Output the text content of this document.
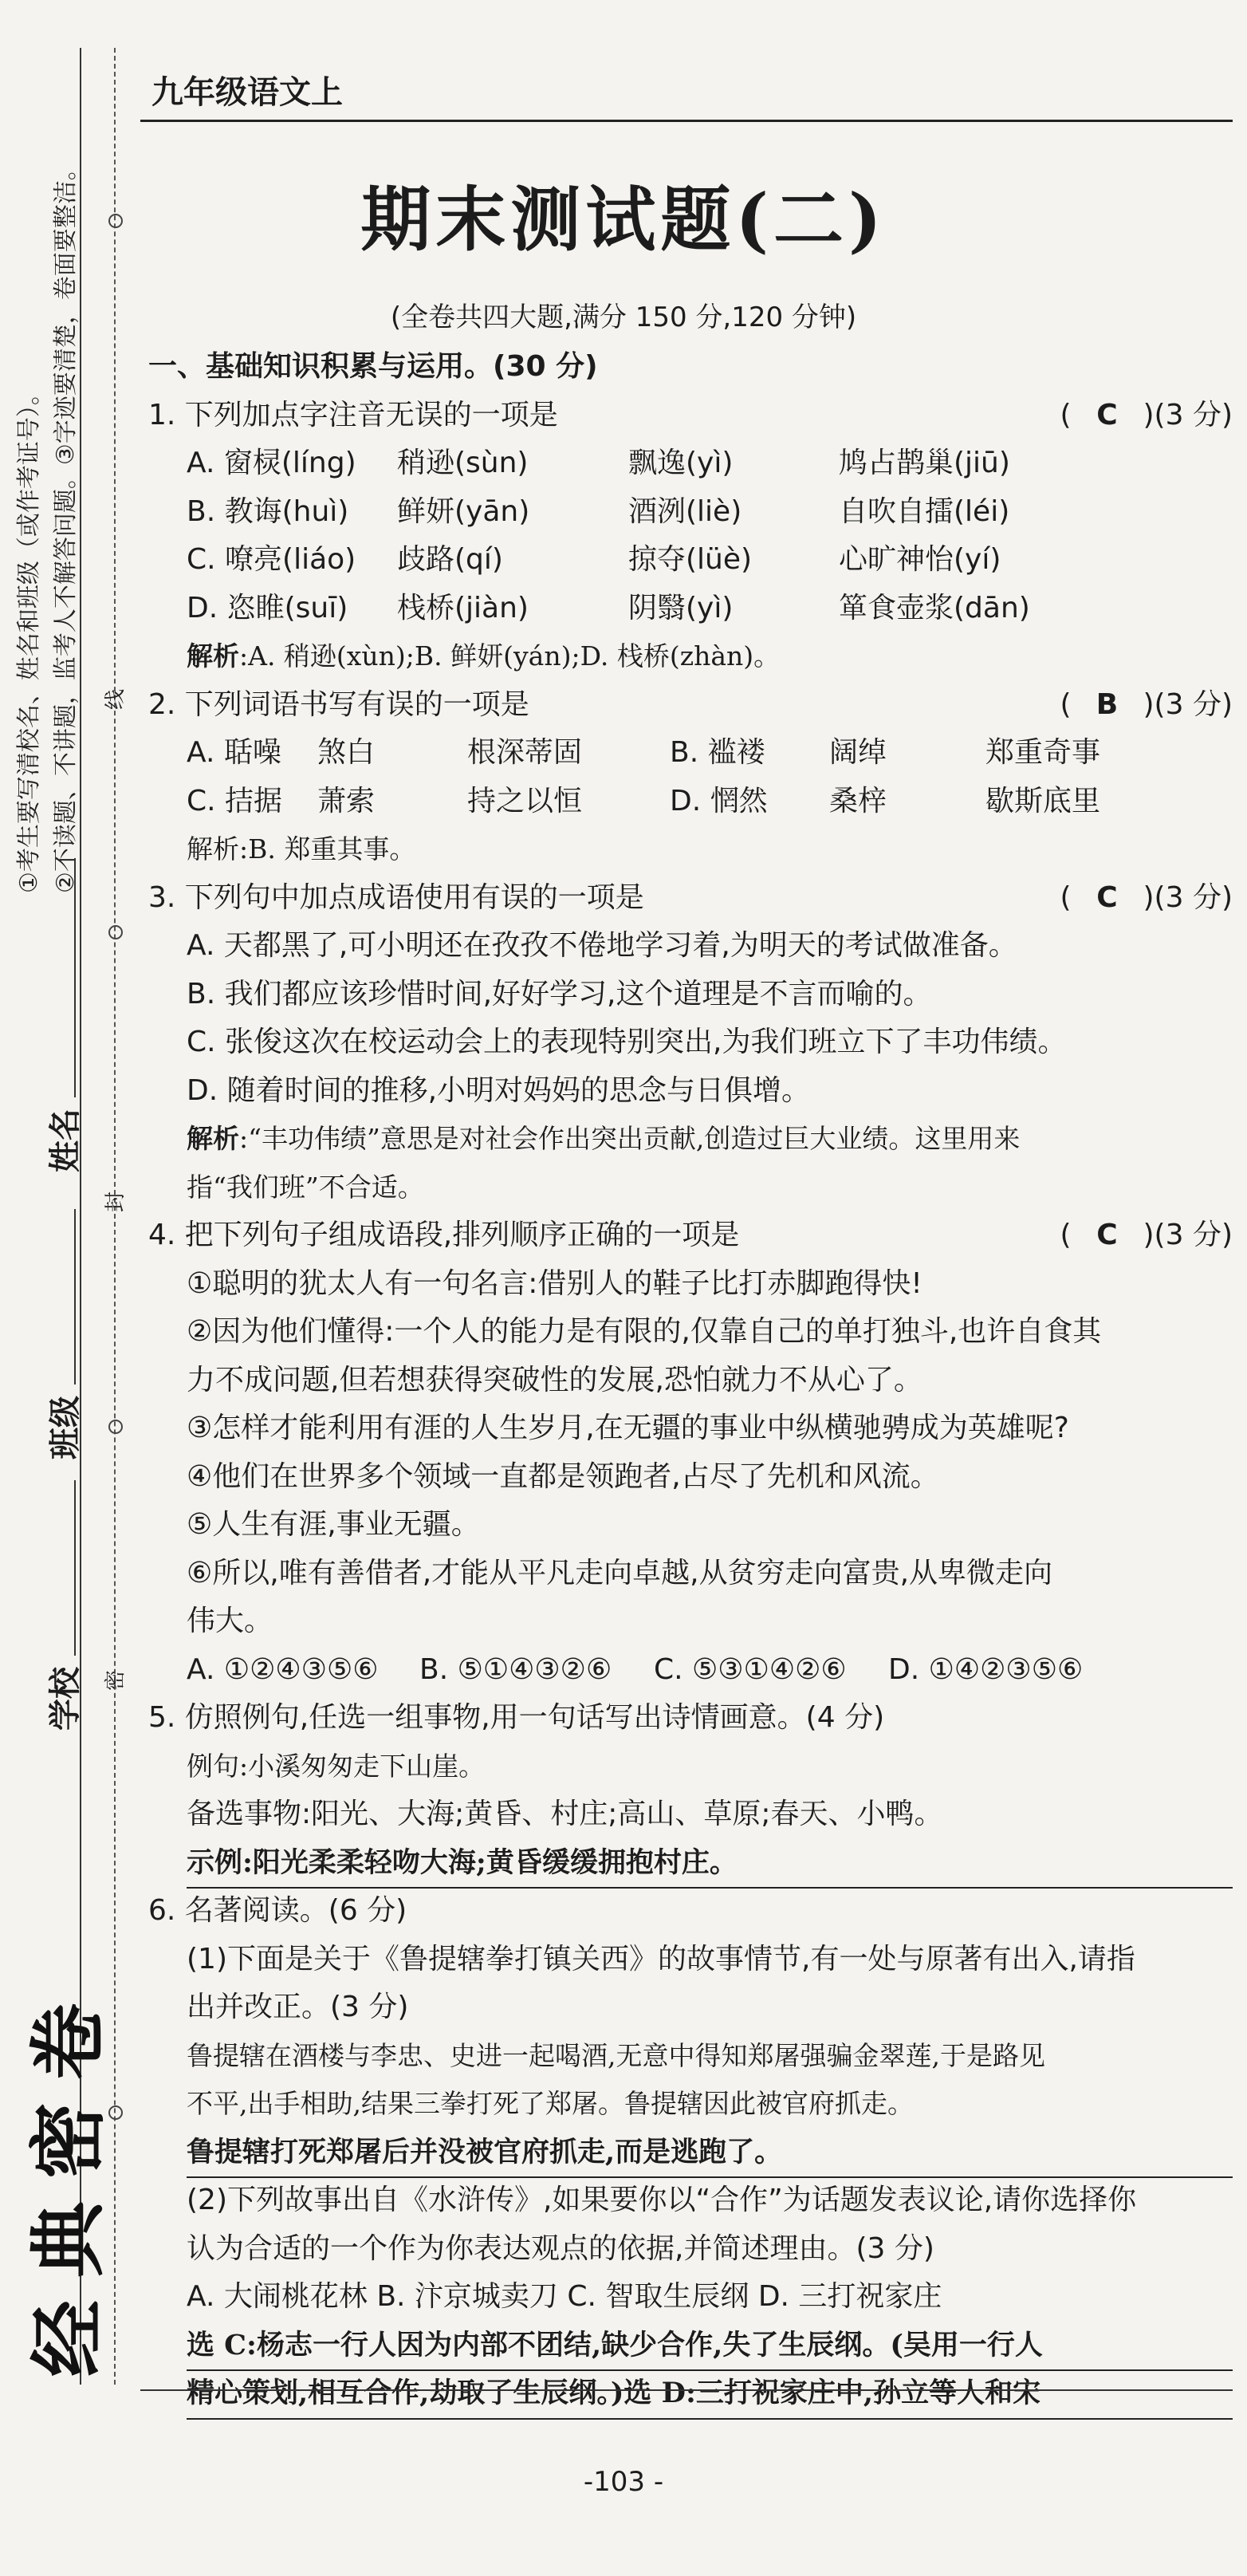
①考生要写清校名、姓名和班级（或作考证号）。 ②不读题、不讲题，监考人不解答问题。③字迹要清楚，卷面要整洁。 线
封
密
姓名
班级
学校
经典密卷
九年级语文上
期末测试题(二)
(全卷共四大题,满分 150 分,120 分钟)
一、基础知识积累与运用。(30 分)
1. 下列加点字注音无误的一项是	( C )(3 分)
A. 窗棂(líng)	稍逊(sùn)	飘逸(yì)	鸠占鹊巢(jiū)
B. 教诲(huì)	鲜妍(yān)	酒洌(liè)	自吹自擂(léi)
C. 嘹亮(liáo)	歧路(qí)	掠夺(lüè)	心旷神怡(yí)
D. 恣睢(suī)	栈桥(jiàn)	阴翳(yì)	箪食壶浆(dān)
解析:A. 稍逊(xùn);B. 鲜妍(yán);D. 栈桥(zhàn)。
2. 下列词语书写有误的一项是	( B )(3 分)
A. 聒噪	煞白	根深蒂固	B. 褴褛	阔绰	郑重奇事
C. 拮据	萧索	持之以恒	D. 惘然	桑梓	歇斯底里
解析:B. 郑重其事。
3. 下列句中加点成语使用有误的一项是	( C )(3 分)
A. 天都黑了,可小明还在孜孜不倦地学习着,为明天的考试做准备。
B. 我们都应该珍惜时间,好好学习,这个道理是不言而喻的。
C. 张俊这次在校运动会上的表现特别突出,为我们班立下了丰功伟绩。
D. 随着时间的推移,小明对妈妈的思念与日俱增。
解析:“丰功伟绩”意思是对社会作出突出贡献,创造过巨大业绩。这里用来
指“我们班”不合适。
4. 把下列句子组成语段,排列顺序正确的一项是	( C )(3 分)
①聪明的犹太人有一句名言:借别人的鞋子比打赤脚跑得快!
②因为他们懂得:一个人的能力是有限的,仅靠自己的单打独斗,也许自食其
力不成问题,但若想获得突破性的发展,恐怕就力不从心了。
③怎样才能利用有涯的人生岁月,在无疆的事业中纵横驰骋成为英雄呢?
④他们在世界多个领域一直都是领跑者,占尽了先机和风流。
⑤人生有涯,事业无疆。
⑥所以,唯有善借者,才能从平凡走向卓越,从贫穷走向富贵,从卑微走向
伟大。
A. ①②④③⑤⑥ B. ⑤①④③②⑥ C. ⑤③①④②⑥ D. ①④②③⑤⑥
5. 仿照例句,任选一组事物,用一句话写出诗情画意。(4 分)
例句:小溪匆匆走下山崖。
备选事物:阳光、大海;黄昏、村庄;高山、草原;春天、小鸭。
示例:阳光柔柔轻吻大海;黄昏缓缓拥抱村庄。
6. 名著阅读。(6 分)
(1)下面是关于《鲁提辖拳打镇关西》的故事情节,有一处与原著有出入,请指
出并改正。(3 分)
鲁提辖在酒楼与李忠、史进一起喝酒,无意中得知郑屠强骗金翠莲,于是路见
不平,出手相助,结果三拳打死了郑屠。鲁提辖因此被官府抓走。
鲁提辖打死郑屠后并没被官府抓走,而是逃跑了。
(2)下列故事出自《水浒传》,如果要你以“合作”为话题发表议论,请你选择你
认为合适的一个作为你表达观点的依据,并简述理由。(3 分)
A. 大闹桃花林 B. 汴京城卖刀 C. 智取生辰纲 D. 三打祝家庄
选 C:杨志一行人因为内部不团结,缺少合作,失了生辰纲。(吴用一行人
精心策划,相互合作,劫取了生辰纲。)选 D:三打祝家庄中,孙立等人和宋
-103 -
